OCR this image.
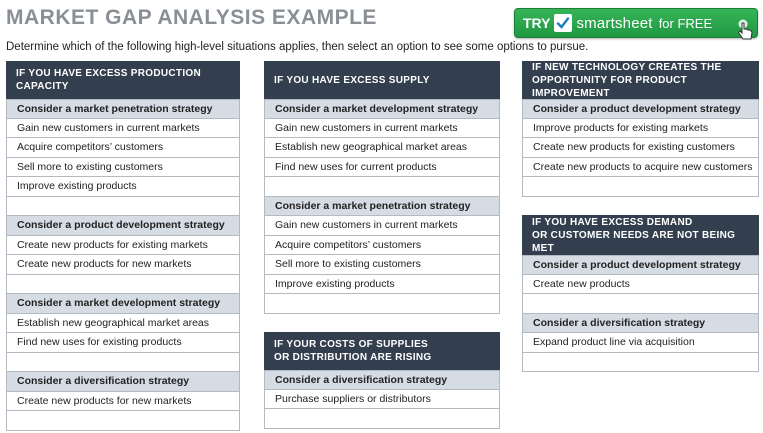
MARKET GAP ANALYSIS EXAMPLE
Determine which of the following high-level situations applies, then select an option to see some options to pursue.
TRY smartsheet for FREE
IF YOU HAVE EXCESS PRODUCTION CAPACITY
Consider a market penetration strategy
Gain new customers in current markets
Acquire competitors’ customers
Sell more to existing customers
Improve existing products
Consider a product development strategy
Create new products for existing markets
Create new products for new markets
Consider a market development strategy
Establish new geographical market areas
Find new uses for existing products
Consider a diversification strategy
Create new products for new markets
IF YOU HAVE EXCESS SUPPLY
Consider a market development strategy
Gain new customers in current markets
Establish new geographical market areas
Find new uses for current products
Consider a market penetration strategy
Gain new customers in current markets
Acquire competitors’ customers
Sell more to existing customers
Improve existing products
IF YOUR COSTS OF SUPPLIES
OR DISTRIBUTION ARE RISING
Consider a diversification strategy
Purchase suppliers or distributors
IF NEW TECHNOLOGY CREATES THE
OPPORTUNITY FOR PRODUCT IMPROVEMENT
Consider a product development strategy
Improve products for existing markets
Create new products for existing customers
Create new products to acquire new customers
IF YOU HAVE EXCESS DEMAND
OR CUSTOMER NEEDS ARE NOT BEING MET
Consider a product development strategy
Create new products
Consider a diversification strategy
Expand product line via acquisition
